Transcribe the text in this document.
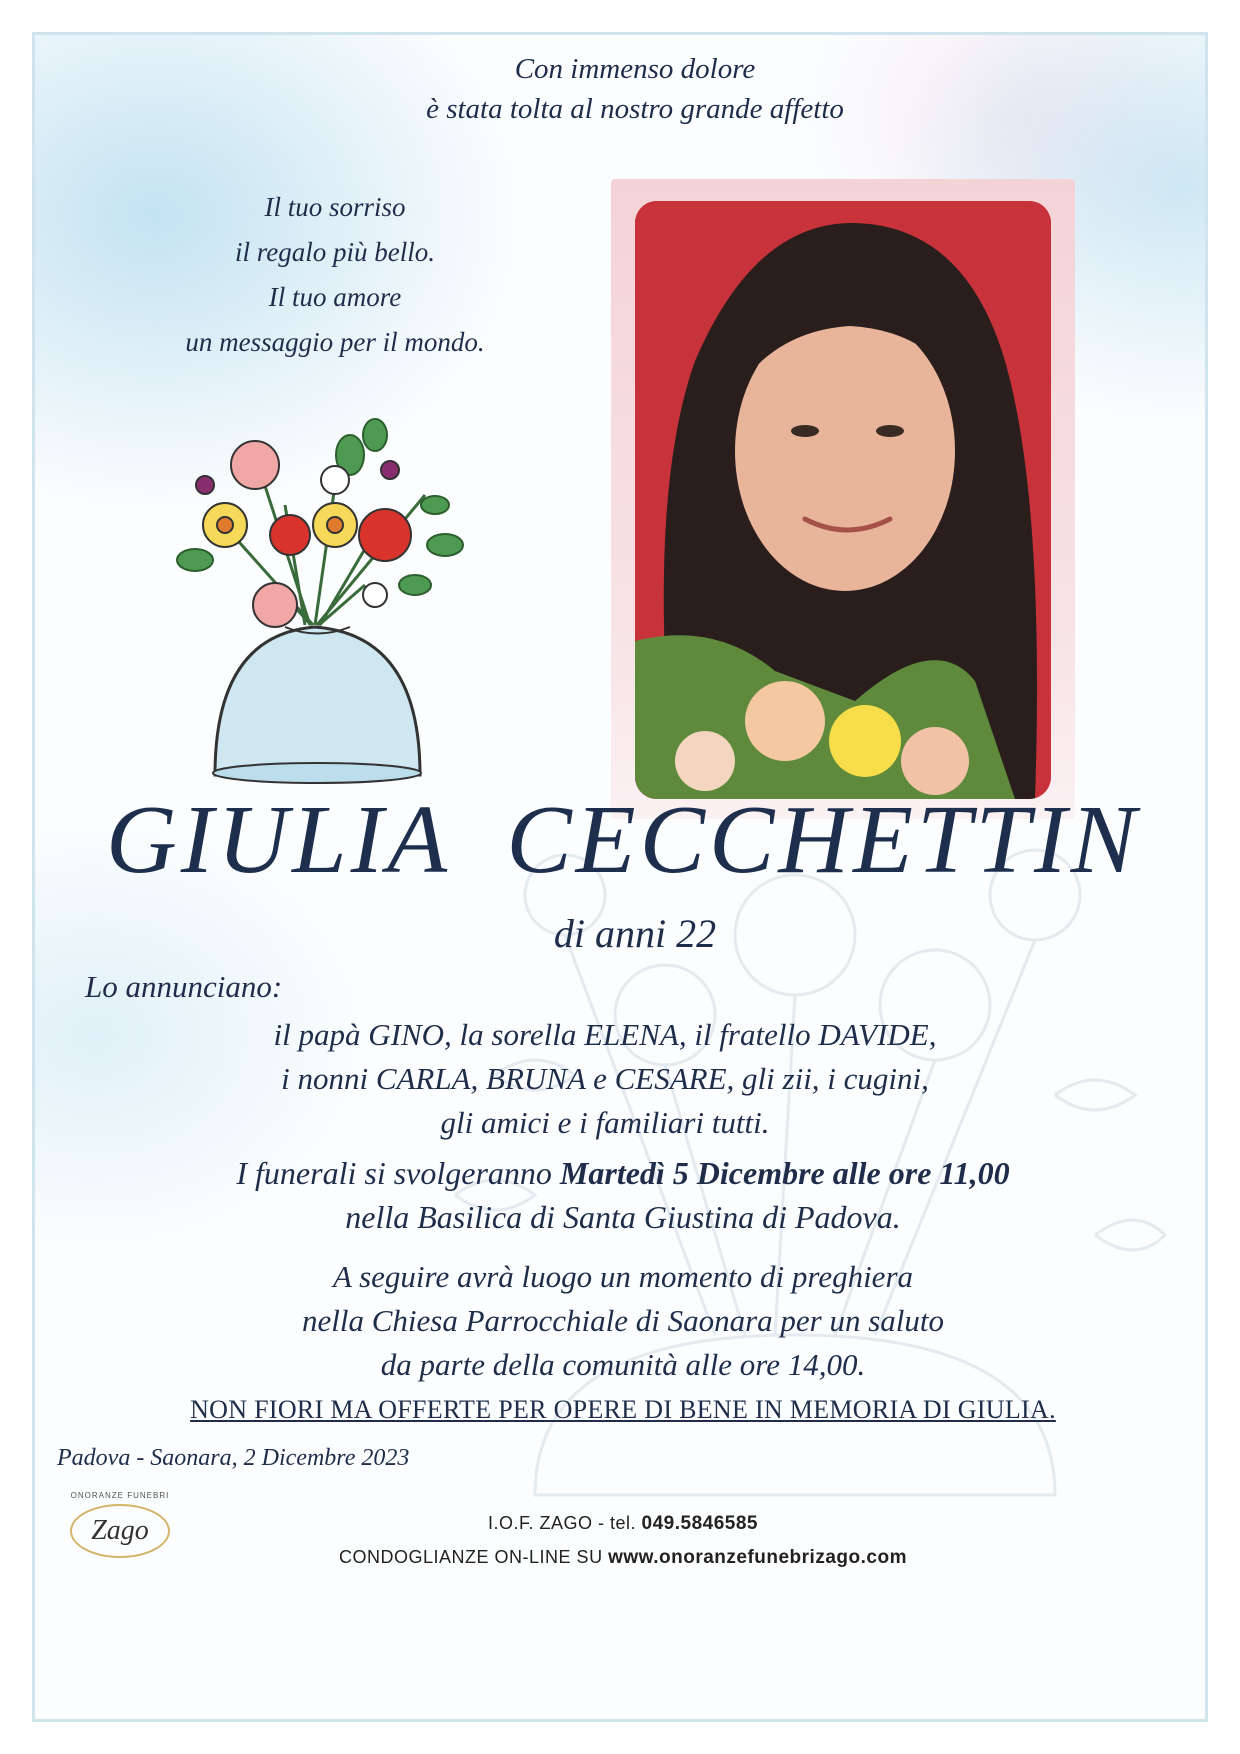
Con immenso dolore
è stata tolta al nostro grande affetto
Il tuo sorriso
il regalo più bello.
Il tuo amore
un messaggio per il mondo.
GIULIA  CECCHETTIN
di anni 22
Lo annunciano:
il papà GINO, la sorella ELENA, il fratello DAVIDE,
i nonni CARLA, BRUNA e CESARE, gli zii, i cugini,
gli amici e i familiari tutti.
I funerali si svolgeranno Martedì 5 Dicembre alle ore 11,00
nella Basilica di Santa Giustina di Padova.
A seguire avrà luogo un momento di preghiera
nella Chiesa Parrocchiale di Saonara per un saluto
da parte della comunità alle ore 14,00.
NON FIORI MA OFFERTE PER OPERE DI BENE IN MEMORIA DI GIULIA.
Padova - Saonara, 2 Dicembre 2023
ONORANZE FUNEBRI
Zago	I.O.F. ZAGO - tel. 049.5846585
CONDOGLIANZE ON-LINE SU www.onoranzefunebrizago.com
